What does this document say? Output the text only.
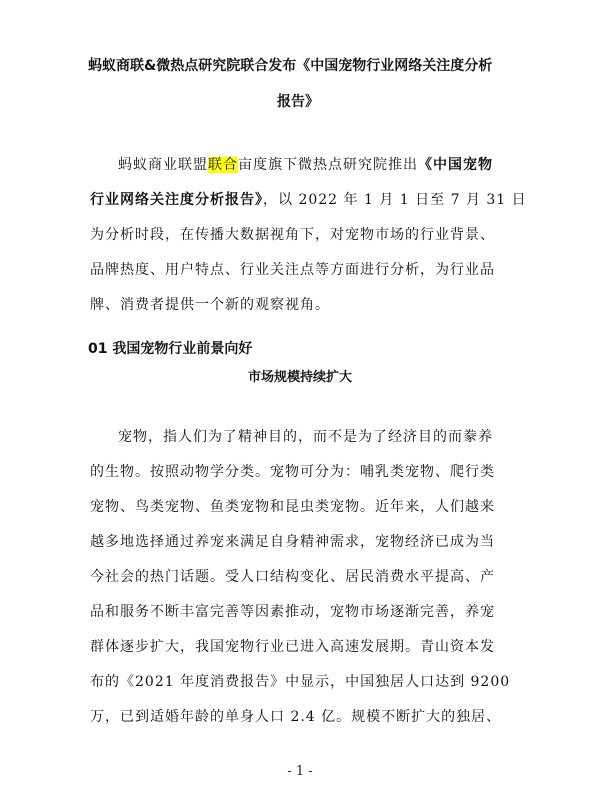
蚂蚁商联&微热点研究院联合发布《中国宠物行业网络关注度分析
报告》
蚂蚁商业联盟联合亩度旗下微热点研究院推出《中国宠物
行业网络关注度分析报告》，以 2022 年 1 月 1 日至 7 月 31 日
为分析时段，在传播大数据视角下，对宠物市场的行业背景、
品牌热度、用户特点、行业关注点等方面进行分析，为行业品
牌、消费者提供一个新的观察视角。
01 我国宠物行业前景向好
市场规模持续扩大
宠物，指人们为了精神目的，而不是为了经济目的而豢养
的生物。按照动物学分类。宠物可分为：哺乳类宠物、爬行类
宠物、鸟类宠物、鱼类宠物和昆虫类宠物。近年来，人们越来
越多地选择通过养宠来满足自身精神需求，宠物经济已成为当
今社会的热门话题。受人口结构变化、居民消费水平提高、产
品和服务不断丰富完善等因素推动，宠物市场逐渐完善，养宠
群体逐步扩大，我国宠物行业已进入高速发展期。青山资本发
布的《2021 年度消费报告》中显示，中国独居人口达到 9200
万，已到适婚年龄的单身人口 2.4 亿。规模不断扩大的独居、
- 1 -
